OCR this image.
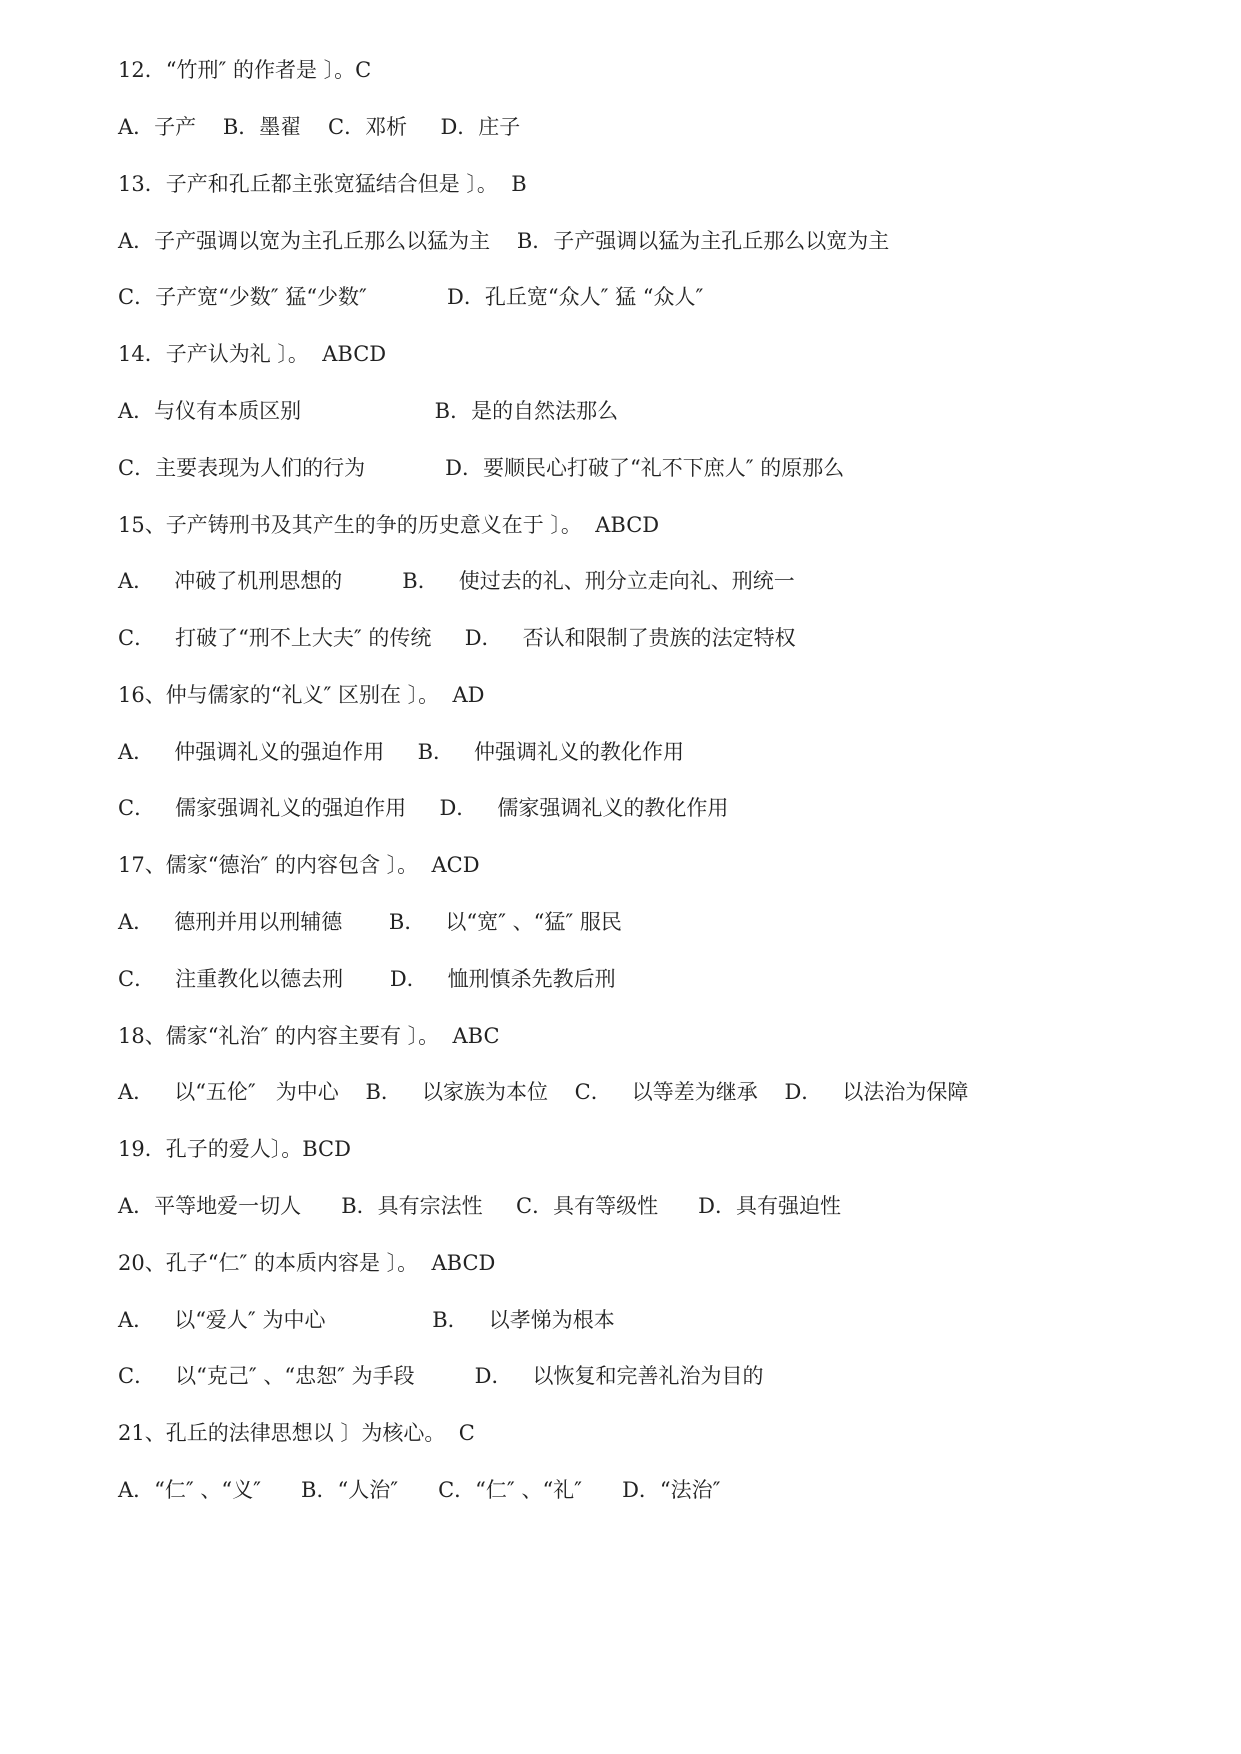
12．“竹刑″ 的作者是 〕。C
A．子产    B．墨翟    C．邓析     D．庄子
13．子产和孔丘都主张宽猛结合但是 〕。  B
A．子产强调以宽为主孔丘那么以猛为主    B．子产强调以猛为主孔丘那么以宽为主
C．子产宽“少数″ 猛“少数″            D．孔丘宽“众人″ 猛 “众人″
14．子产认为礼 〕。  ABCD
A．与仪有本质区别                    B．是的自然法那么
C．主要表现为人们的行为            D．要顺民心打破了“礼不下庶人″ 的原那么
15、子产铸刑书及其产生的争的历史意义在于 〕。  ABCD
A．   冲破了机刑思想的         B．   使过去的礼、刑分立走向礼、刑统一
C．   打破了“刑不上大夫″ 的传统     D．   否认和限制了贵族的法定特权
16、仲与儒家的“礼义″ 区别在 〕。  AD
A．   仲强调礼义的强迫作用     B．   仲强调礼义的教化作用
C．   儒家强调礼义的强迫作用     D．   儒家强调礼义的教化作用
17、儒家“德治″ 的内容包含 〕。  ACD
A．   德刑并用以刑辅德       B．   以“宽″ 、“猛″ 服民
C．   注重教化以德去刑       D．   恤刑慎杀先教后刑
18、儒家“礼治″ 的内容主要有 〕。  ABC
A．   以“五伦″   为中心    B．   以家族为本位    C．   以等差为继承    D．   以法治为保障
19．孔子的爱人〕。BCD
A．平等地爱一切人      B．具有宗法性     C．具有等级性      D．具有强迫性
20、孔子“仁″ 的本质内容是 〕。  ABCD
A．   以“爱人″ 为中心                B．   以孝悌为根本
C．   以“克己″ 、“忠恕″ 为手段         D．   以恢复和完善礼治为目的
21、孔丘的法律思想以 〕为核心。  C
A．“仁″ 、“义″      B．“人治″      C．“仁″ 、“礼″      D．“法治″
